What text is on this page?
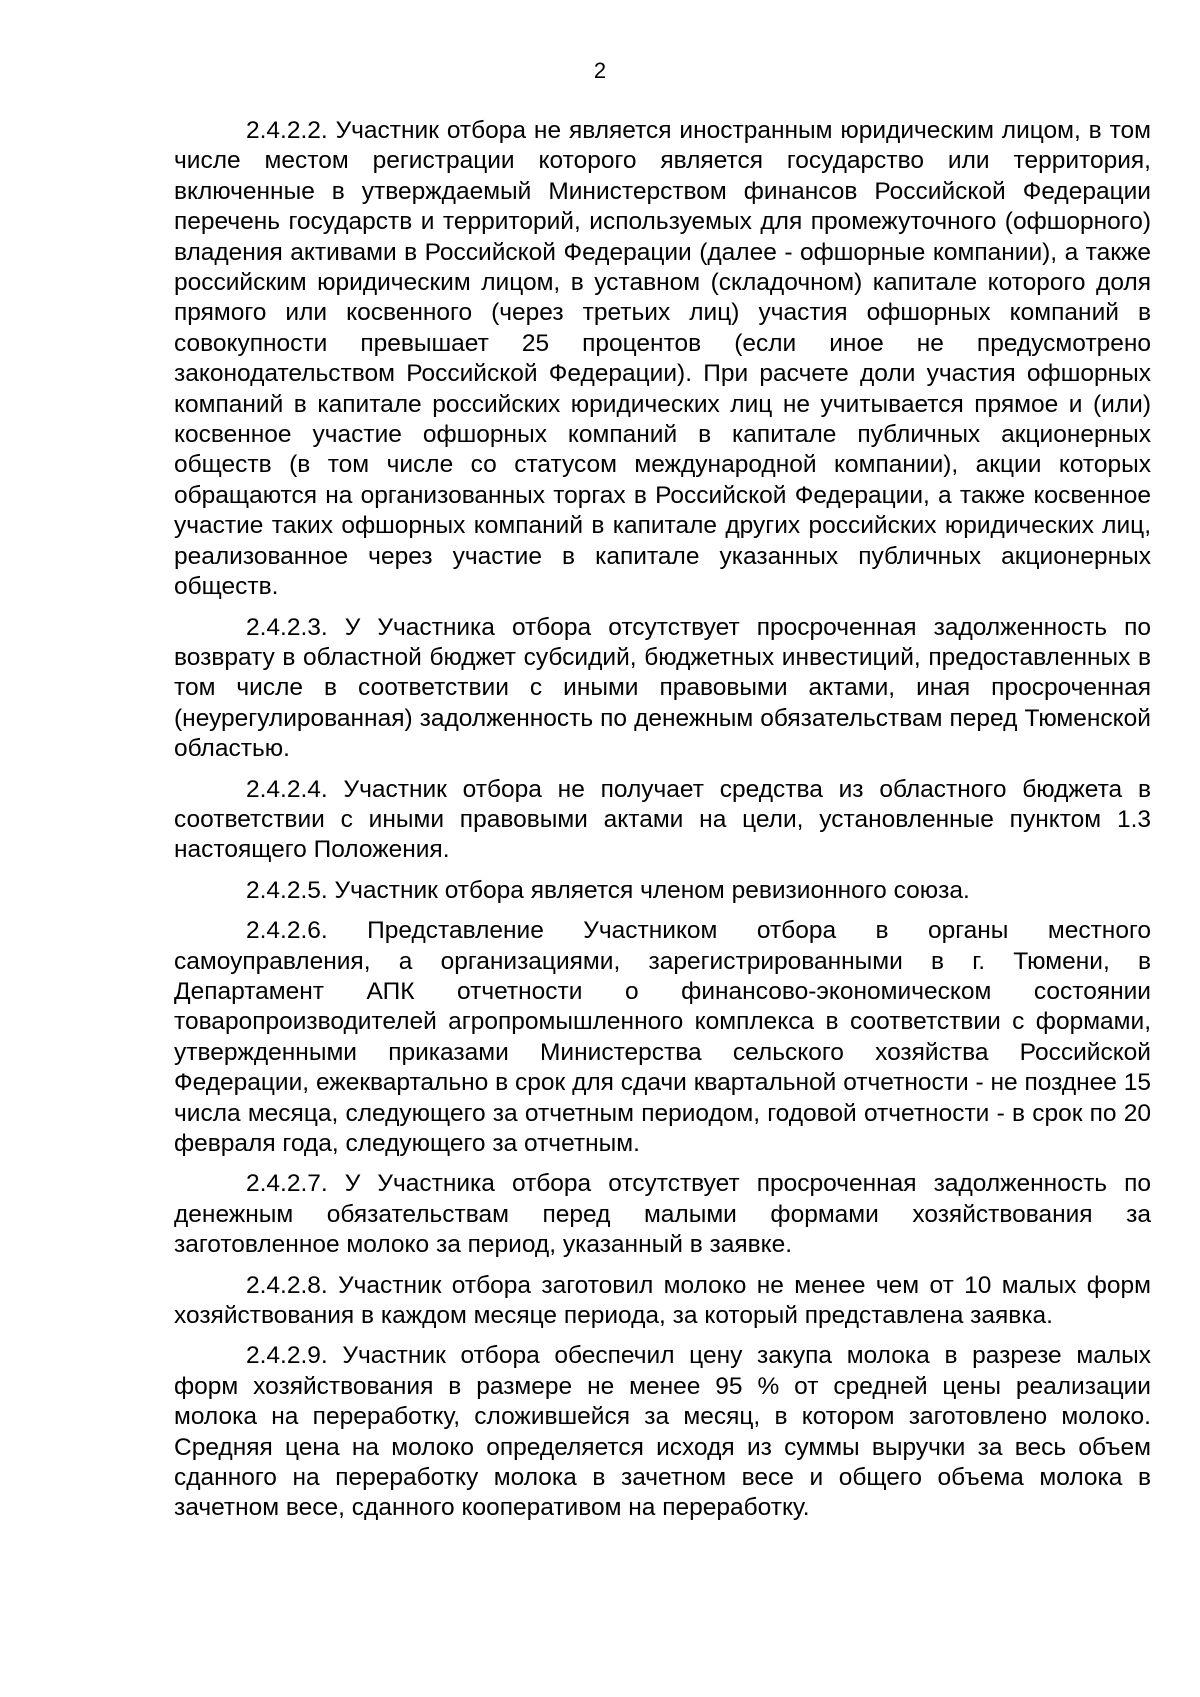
2

2.4.2.2. Участник отбора не является иностранным юридическим лицом, в том числе местом регистрации которого является государство или территория, включенные в утверждаемый Министерством финансов Российской Федерации перечень государств и территорий, используемых для промежуточного (офшорного) владения активами в Российской Федерации (далее - офшорные компании), а также российским юридическим лицом, в уставном (складочном) капитале которого доля прямого или косвенного (через третьих лиц) участия офшорных компаний в совокупности превышает 25 процентов (если иное не предусмотрено законодательством Российской Федерации). При расчете доли участия офшорных компаний в капитале российских юридических лиц не учитывается прямое и (или) косвенное участие офшорных компаний в капитале публичных акционерных обществ (в том числе со статусом международной компании), акции которых обращаются на организованных торгах в Российской Федерации, а также косвенное участие таких офшорных компаний в капитале других российских юридических лиц, реализованное через участие в капитале указанных публичных акционерных обществ.

2.4.2.3. У Участника отбора отсутствует просроченная задолженность по возврату в областной бюджет субсидий, бюджетных инвестиций, предоставленных в том числе в соответствии с иными правовыми актами, иная просроченная (неурегулированная) задолженность по денежным обязательствам перед Тюменской областью.

2.4.2.4. Участник отбора не получает средства из областного бюджета в соответствии с иными правовыми актами на цели, установленные пунктом 1.3 настоящего Положения.

2.4.2.5. Участник отбора является членом ревизионного союза.

2.4.2.6. Представление Участником отбора в органы местного самоуправления, а организациями, зарегистрированными в г. Тюмени, в Департамент АПК отчетности о финансово-экономическом состоянии товаропроизводителей агропромышленного комплекса в соответствии с формами, утвержденными приказами Министерства сельского хозяйства Российской Федерации, ежеквартально в срок для сдачи квартальной отчетности - не позднее 15 числа месяца, следующего за отчетным периодом, годовой отчетности - в срок по 20 февраля года, следующего за отчетным.

2.4.2.7. У Участника отбора отсутствует просроченная задолженность по денежным обязательствам перед малыми формами хозяйствования за заготовленное молоко за период, указанный в заявке.

2.4.2.8. Участник отбора заготовил молоко не менее чем от 10 малых форм хозяйствования в каждом месяце периода, за который представлена заявка.

2.4.2.9. Участник отбора обеспечил цену закупа молока в разрезе малых форм хозяйствования в размере не менее 95 % от средней цены реализации молока на переработку, сложившейся за месяц, в котором заготовлено молоко. Средняя цена на молоко определяется исходя из суммы выручки за весь объем сданного на переработку молока в зачетном весе и общего объема молока в зачетном весе, сданного кооперативом на переработку.
